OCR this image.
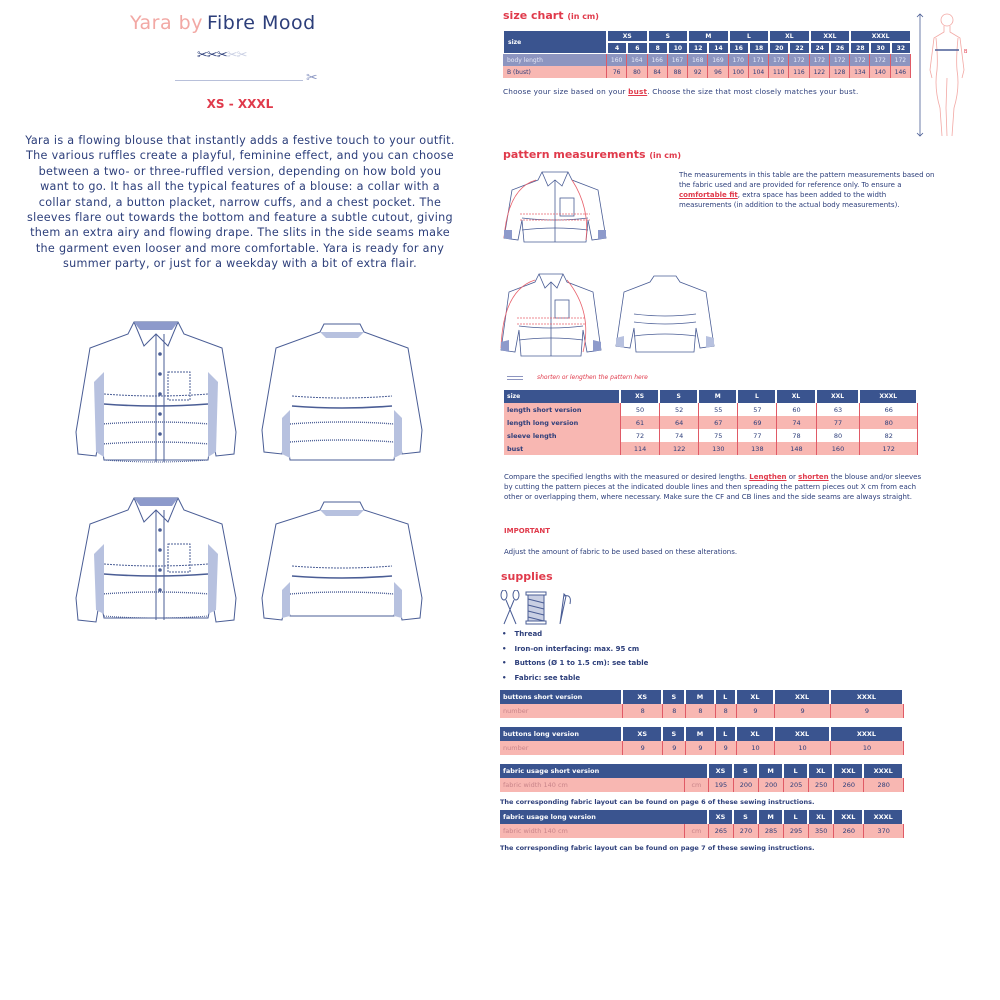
Yara by Fibre Mood
✂✂✂✂✂
✂
XS - XXXL

Yara is a flowing blouse that instantly adds a festive touch to your outfit. The various ruffles create a playful, feminine effect, and you can choose between a two- or three-ruffled version, depending on how bold you want to go. It has all the typical features of a blouse: a collar with a collar stand, a button placket, narrow cuffs, and a chest pocket. The sleeves flare out towards the bottom and feature a subtle cutout, giving them an extra airy and flowing drape. The slits in the side seams make the garment even looser and more comfortable. Yara is ready for any summer party, or just for a weekday with a bit of extra flair.

size chart (in cm)
size	XS		S		M		L		XL		XXL		XXXL		
	4	6	8	10	12	14	16	18	20	22	24	26	28	30	32
body length	160	164	166	167	168	169	170	171	172	172	172	172	172	172	172
B (bust)	76	80	84	88	92	96	100	104	110	116	122	128	134	140	146
Choose your size based on your bust. Choose the size that most closely matches your bust.
B
pattern measurements (in cm)

The measurements in this table are the pattern measurements based on the fabric used and are provided for reference only. To ensure a comfortable fit, extra space has been added to the width measurements (in addition to the actual body measurements).

shorten or lengthen the pattern here
size	XS	S	M	L	XL	XXL	XXXL
length short version	50	52	55	57	60	63	66
length long version	61	64	67	69	74	77	80
sleeve length	72	74	75	77	78	80	82
bust	114	122	130	138	148	160	172

Compare the specified lengths with the measured or desired lengths. Lengthen or shorten the blouse and/or sleeves by cutting the pattern pieces at the indicated double lines and then spreading the pattern pieces out X cm from each other or overlapping them, where necessary. Make sure the CF and CB lines and the side seams are always straight.

IMPORTANT
Adjust the amount of fabric to be used based on these alterations.
supplies
• Thread
• Iron-on interfacing: max. 95 cm
• Buttons (Ø 1 to 1.5 cm): see table
• Fabric: see table
buttons short version	XS	S	M	L	XL	XXL	XXXL
number	8	8	8	8	9	9	9
buttons long version	XS	S	M	L	XL	XXL	XXXL
number	9	9	9	9	10	10	10
fabric usage short version		XS	S	M	L	XL	XXL	XXXL
fabric width 140 cm	cm	195	200	200	205	250	260	280
The corresponding fabric layout can be found on page 6 of these sewing instructions.
fabric usage long version		XS	S	M	L	XL	XXL	XXXL
fabric width 140 cm	cm	265	270	285	295	350	260	370
The corresponding fabric layout can be found on page 7 of these sewing instructions.
